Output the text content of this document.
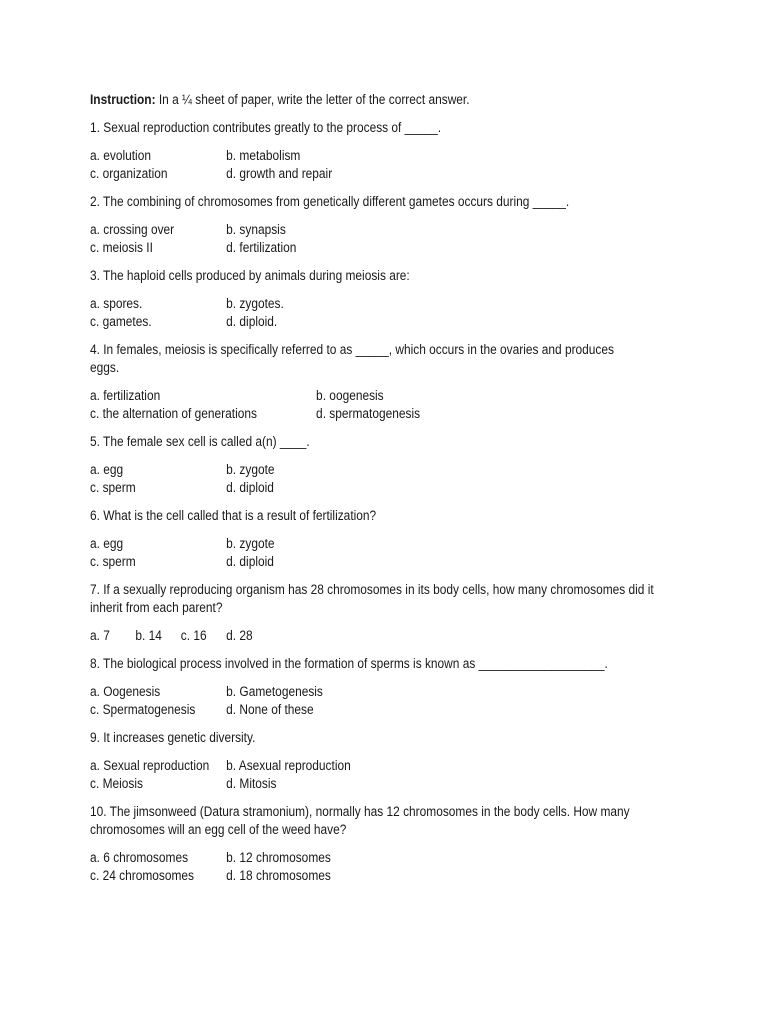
Instruction: In a ¼ sheet of paper, write the letter of the correct answer.
1. Sexual reproduction contributes greatly to the process of _____.
a. evolution	b. metabolism
c. organization	d. growth and repair
2. The combining of chromosomes from genetically different gametes occurs during _____.
a. crossing over	b. synapsis
c. meiosis II	d. fertilization
3. The haploid cells produced by animals during meiosis are:
a. spores.	b. zygotes.
c. gametes.	d. diploid.
4. In females, meiosis is specifically referred to as _____, which occurs in the ovaries and produces eggs.
a. fertilization	b. oogenesis
c. the alternation of generations	d. spermatogenesis
5. The female sex cell is called a(n) ____.
a. egg	b. zygote
c. sperm	d. diploid
6. What is the cell called that is a result of fertilization?
a. egg	b. zygote
c. sperm	d. diploid
7. If a sexually reproducing organism has 28 chromosomes in its body cells, how many chromosomes did it inherit from each parent?
a. 7	b. 14	c. 16	d. 28
8. The biological process involved in the formation of sperms is known as ___________________.
a. Oogenesis	b. Gametogenesis
c. Spermatogenesis	d. None of these
9. It increases genetic diversity.
a. Sexual reproduction	b. Asexual reproduction
c. Meiosis	d. Mitosis
10. The jimsonweed (Datura stramonium), normally has 12 chromosomes in the body cells. How many chromosomes will an egg cell of the weed have?
a. 6 chromosomes	b. 12 chromosomes
c. 24 chromosomes	d. 18 chromosomes
